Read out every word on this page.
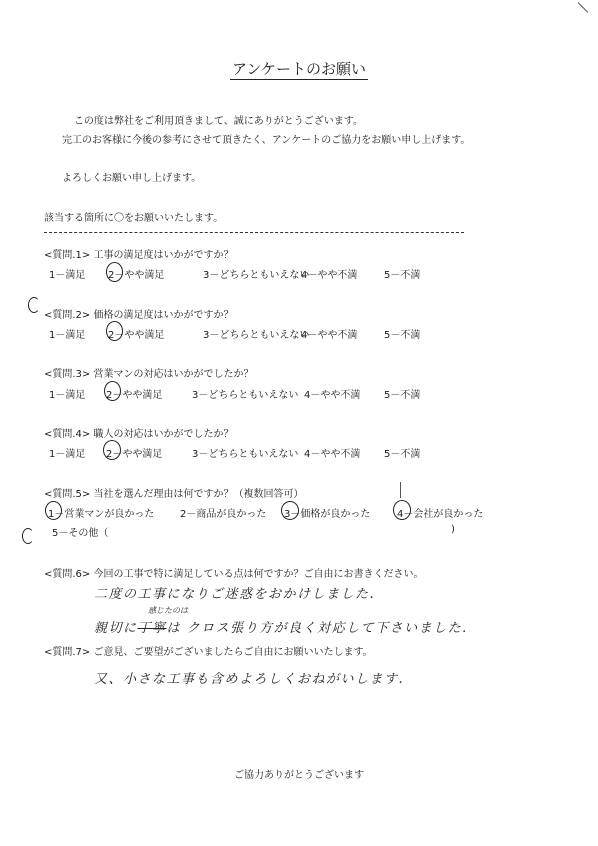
アンケートのお願い
この度は弊社をご利用頂きまして、誠にありがとうございます。
完工のお客様に今後の参考にさせて頂きたく、アンケートのご協力をお願い申し上げます。
よろしくお願い申し上げます。
該当する箇所に〇をお願いいたします。
<質問.1> 工事の満足度はいかがですか？
1－満足 2－やや満足	3－どちらともいえない
4－やや不満	5－不満
<質問.2> 価格の満足度はいかがですか？
1－満足 2－やや満足	3－どちらともいえない
4－やや不満	5－不満
<質問.3> 営業マンの対応はいかがでしたか？
1－満足 2－やや満足	3－どちらともいえない 4－やや不満 5－不満
<質問.4> 職人の対応はいかがでしたか？
1－満足 2－やや満足	3－どちらともいえない 4－やや不満 5－不満
<質問.5> 当社を選んだ理由は何ですか？（複数回答可）
1－営業マンが良かった	2－商品が良かった 3－価格が良かった	4－会社が良かった
5－その他（	)
<質問.6> 今回の工事で特に満足している点は何ですか？ご自由にお書きください。
二度の工事になりご迷惑をおかけしました.
感じたのは
親切に丁寧は クロス張り方が良く対応して下さいました.
<質問.7> ご意見、ご要望がございましたらご自由にお願いいたします。
又、小さな工事も含めよろしくおねがいします.
ご協力ありがとうございます
